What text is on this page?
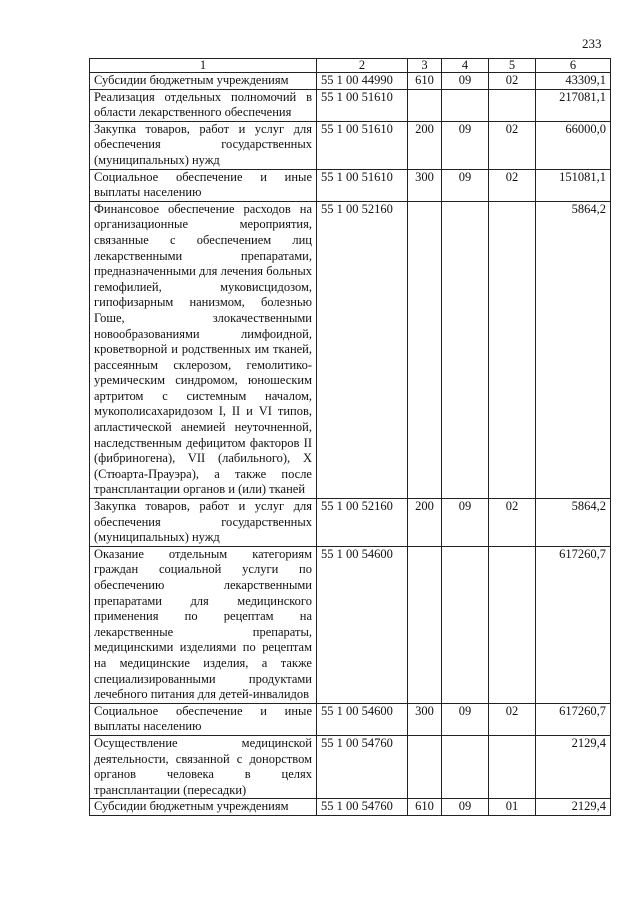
233
1	2	3	4	5	6
Субсидии бюджетным учреждениям	55 1 00 44990	610	09	02	43309,1
Реализация отдельных полномочий в области лекарственного обеспечения	55 1 00 51610				217081,1
Закупка товаров, работ и услуг для обеспечения государственных (муниципальных) нужд	55 1 00 51610	200	09	02	66000,0
Социальное обеспечение и иные выплаты населению	55 1 00 51610	300	09	02	151081,1
Финансовое обеспечение расходов на организационные мероприятия, связанные с обеспечением лиц лекарственными препаратами, предназначенными для лечения больных гемофилией, муковисцидозом, гипофизарным нанизмом, болезнью Гоше, злокачественными новообразованиями лимфоидной, кроветворной и родственных им тканей, рассеянным склерозом, гемолитико-уремическим синдромом, юношеским артритом с системным началом, мукополисахаридозом I, II и VI типов, апластической анемией неуточненной, наследственным дефицитом факторов II (фибриногена), VII (лабильного), X (Стюарта-Прауэра), а также после трансплантации органов и (или) тканей	55 1 00 52160				5864,2
Закупка товаров, работ и услуг для обеспечения государственных (муниципальных) нужд	55 1 00 52160	200	09	02	5864,2
Оказание отдельным категориям граждан социальной услуги по обеспечению лекарственными препаратами для медицинского применения по рецептам на лекарственные препараты, медицинскими изделиями по рецептам на медицинские изделия, а также специализированными продуктами лечебного питания для детей-инвалидов	55 1 00 54600				617260,7
Социальное обеспечение и иные выплаты населению	55 1 00 54600	300	09	02	617260,7
Осуществление медицинской деятельности, связанной с донорством органов человека в целях трансплантации (пересадки)	55 1 00 54760				2129,4
Субсидии бюджетным учреждениям	55 1 00 54760	610	09	01	2129,4
